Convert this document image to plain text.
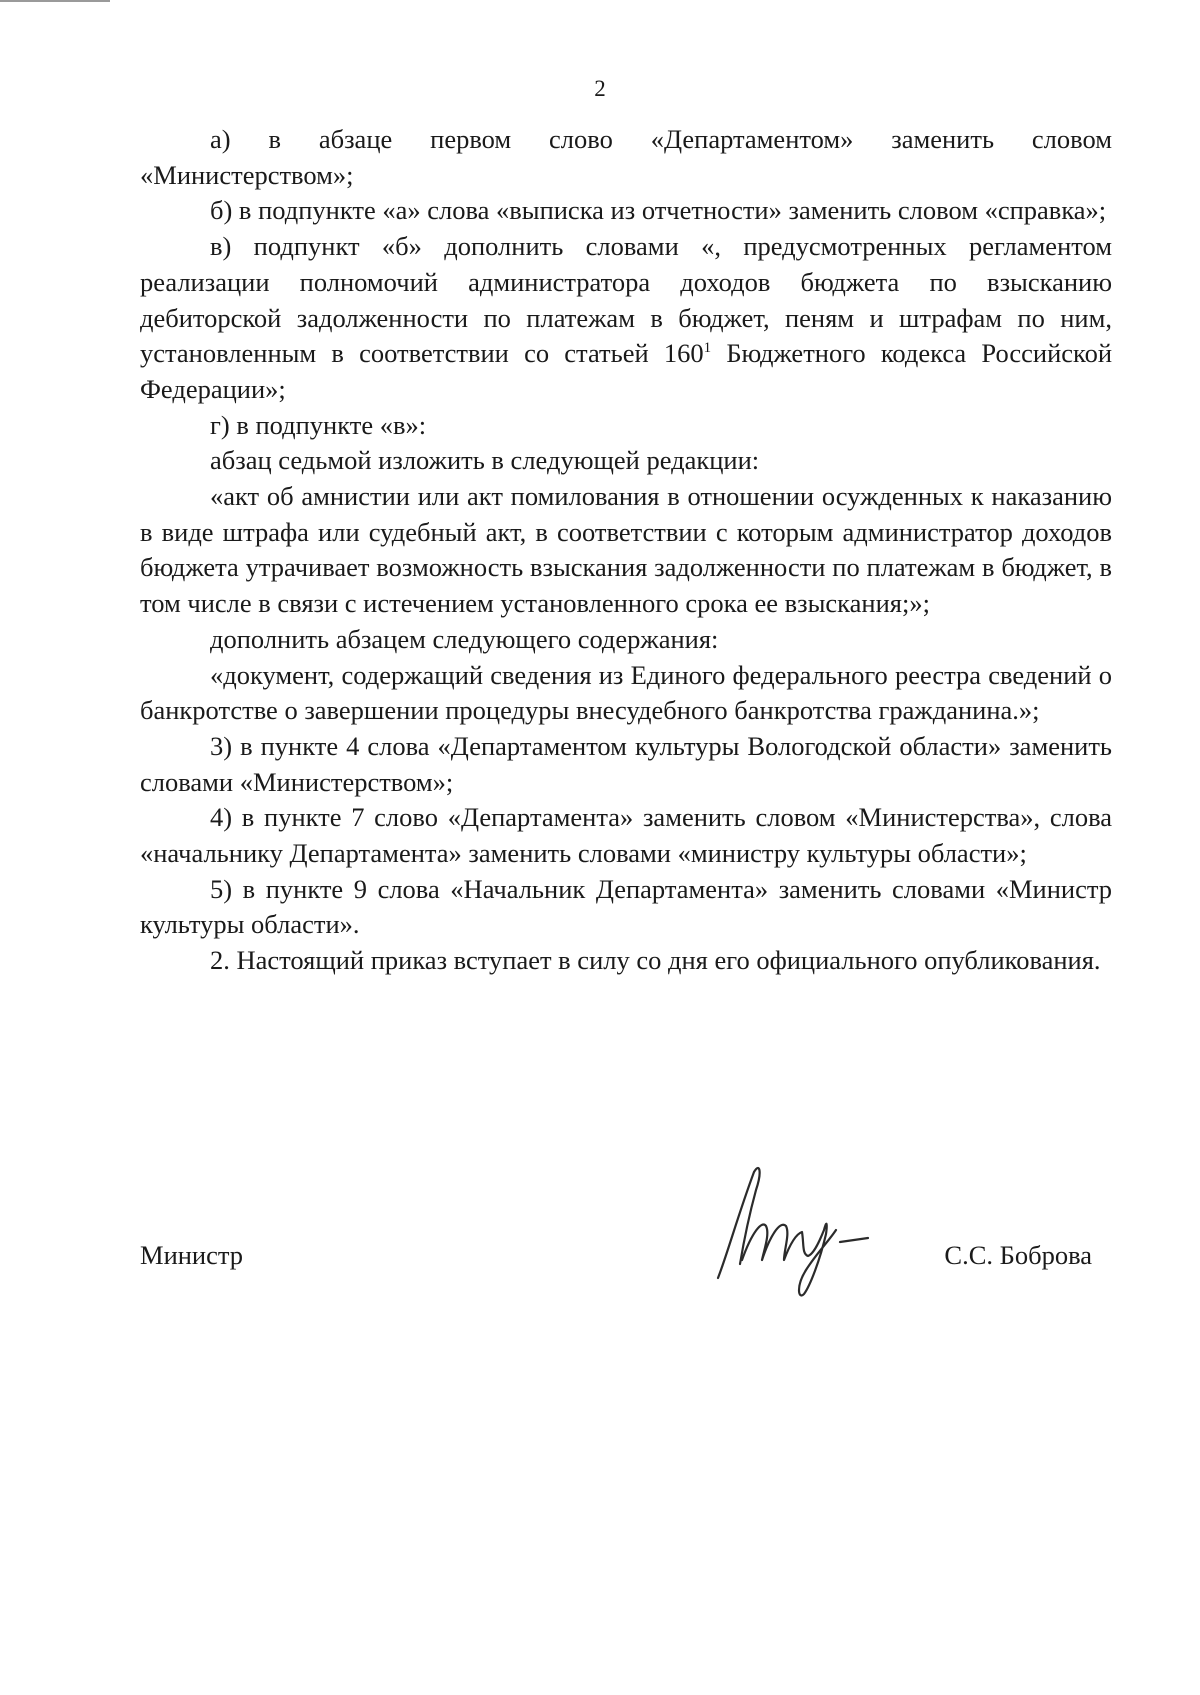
2

а) в абзаце первом слово «Департаментом» заменить словом «Министерством»;

б) в подпункте «а» слова «выписка из отчетности» заменить словом «справка»;

в) подпункт «б» дополнить словами «, предусмотренных регламентом реализации полномочий администратора доходов бюджета по взысканию дебиторской задолженности по платежам в бюджет, пеням и штрафам по ним, установленным в соответствии со статьей $160^1$ Бюджетного кодекса Российской Федерации»;

г) в подпункте «в»:

абзац седьмой изложить в следующей редакции:

«акт об амнистии или акт помилования в отношении осужденных к наказанию в виде штрафа или судебный акт, в соответствии с которым администратор доходов бюджета утрачивает возможность взыскания задолженности по платежам в бюджет, в том числе в связи с истечением установленного срока ее взыскания;»;

дополнить абзацем следующего содержания:

«документ, содержащий сведения из Единого федерального реестра сведений о банкротстве о завершении процедуры внесудебного банкротства гражданина.»;

3) в пункте 4 слова «Департаментом культуры Вологодской области» заменить словами «Министерством»;

4) в пункте 7 слово «Департамента» заменить словом «Министерства», слова «начальнику Департамента» заменить словами «министру культуры области»;

5) в пункте 9 слова «Начальник Департамента» заменить словами «Министр культуры области».

2. Настоящий приказ вступает в силу со дня его официального опубликования.

Министр	С.С. Боброва
